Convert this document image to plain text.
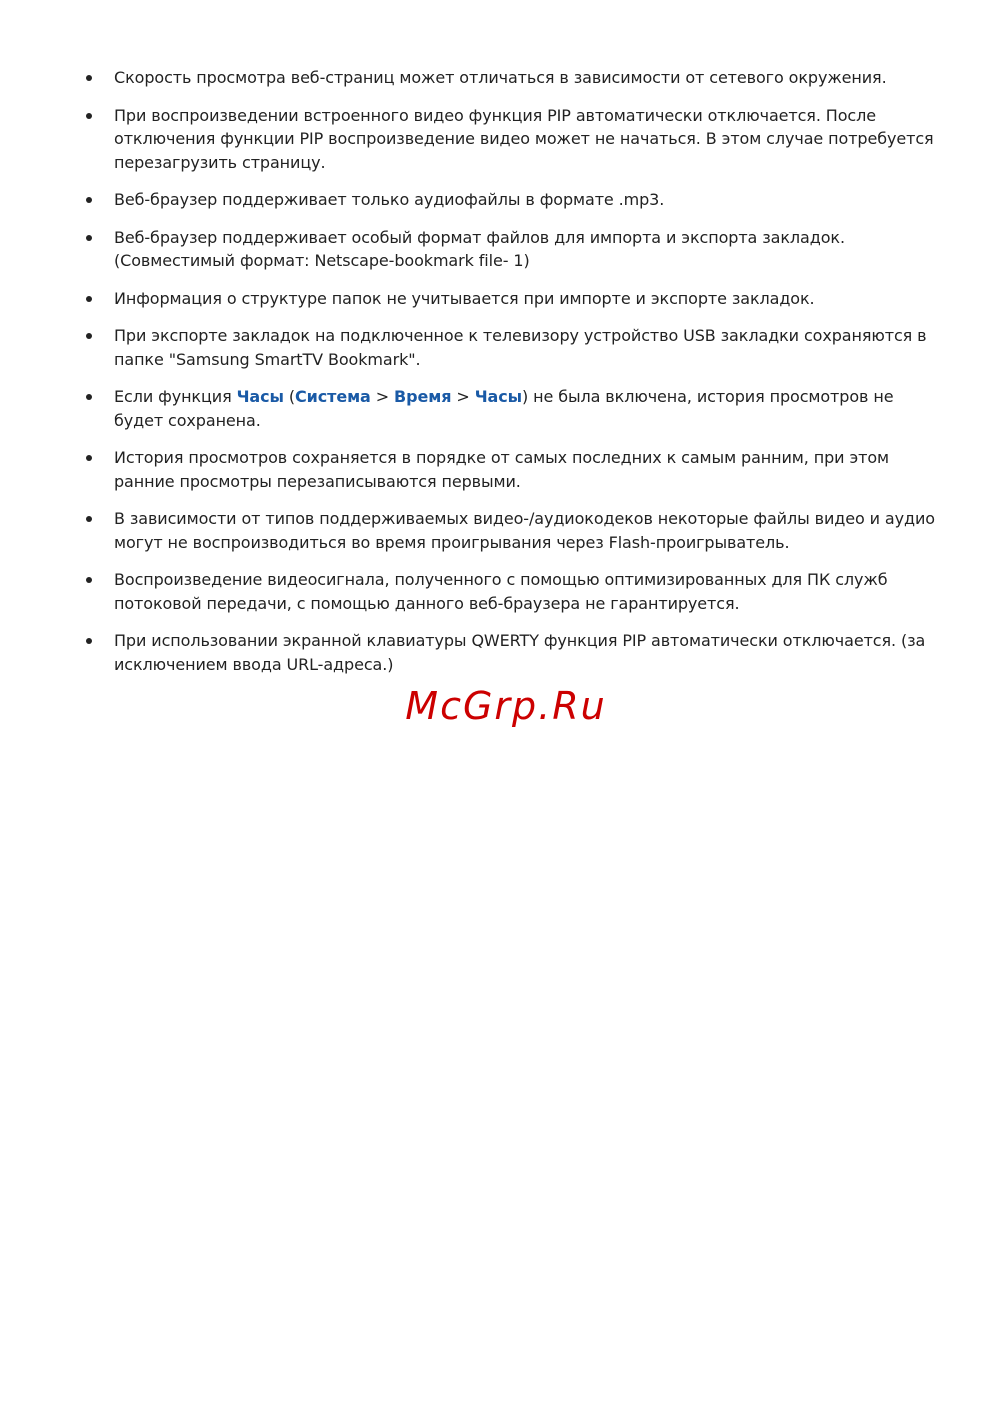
Скорость просмотра веб-страниц может отличаться в зависимости от сетевого окружения.
При воспроизведении встроенного видео функция PIP автоматически отключается. После отключения функции PIP воспроизведение видео может не начаться. В этом случае потребуется перезагрузить страницу.
Веб-браузер поддерживает только аудиофайлы в формате .mp3.
Веб-браузер поддерживает особый формат файлов для импорта и экспорта закладок. (Совместимый формат: Netscape-bookmark file- 1)
Информация о структуре папок не учитывается при импорте и экспорте закладок.
При экспорте закладок на подключенное к телевизору устройство USB закладки сохраняются в папке "Samsung SmartTV Bookmark".
Если функция Часы (Система > Время > Часы) не была включена, история просмотров не будет сохранена.
История просмотров сохраняется в порядке от самых последних к самым ранним, при этом ранние просмотры перезаписываются первыми.
В зависимости от типов поддерживаемых видео-/аудиокодеков некоторые файлы видео и аудио могут не воспроизводиться во время проигрывания через Flash-проигрыватель.
Воспроизведение видеосигнала, полученного с помощью оптимизированных для ПК служб потоковой передачи, с помощью данного веб-браузера не гарантируется.
При использовании экранной клавиатуры QWERTY функция PIP автоматически отключается. (за исключением ввода URL-адреса.)
McGrp.Ru
